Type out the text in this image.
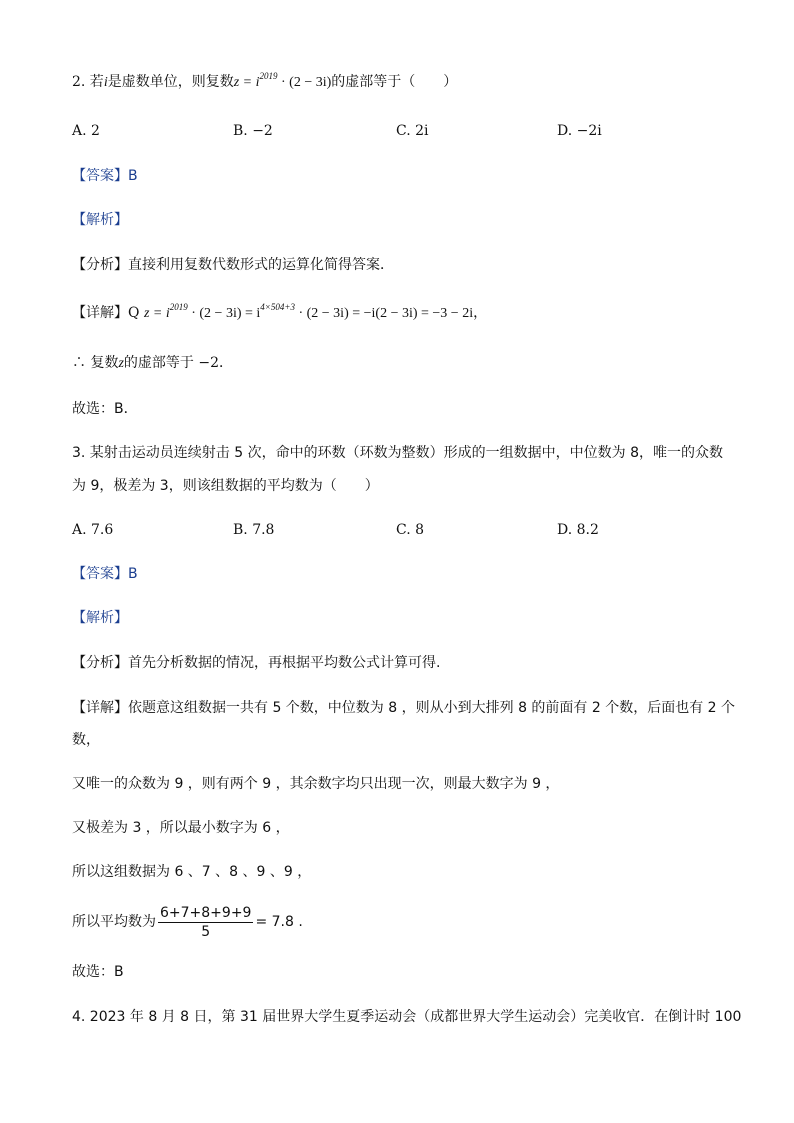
2. 若i是虚数单位，则复数$z = i^{2019} \cdot (2 - 3i)$的虚部等于（　　）
A. 2	B. −2	C. 2i	D. −2i
【答案】B
【解析】
【分析】直接利用复数代数形式的运算化简得答案．
【详解】Q $z = i^{2019} \cdot (2 - 3i) = i^{4\times 504+3} \cdot (2 - 3i) = -i(2 - 3i) = -3 - 2i$，
∴ 复数z的虚部等于 −2．
故选：B．
3. 某射击运动员连续射击 5 次，命中的环数（环数为整数）形成的一组数据中，中位数为 8，唯一的众数
为 9，极差为 3，则该组数据的平均数为（　　）
A. 7.6	B. 7.8	C. 8	D. 8.2
【答案】B
【解析】
【分析】首先分析数据的情况，再根据平均数公式计算可得.
【详解】依题意这组数据一共有 5 个数，中位数为 8 ，则从小到大排列 8 的前面有 2 个数，后面也有 2 个
数，
又唯一的众数为 9 ，则有两个 9 ，其余数字均只出现一次，则最大数字为 9 ，
又极差为 3 ，所以最小数字为 6 ，
所以这组数据为 6 、7 、8 、9 、9 ，
所以平均数为 $\frac{6+7+8+9+9}{5} = 7.8$ .
故选：B
4. 2023 年 8 月 8 日，第 31 届世界大学生夏季运动会（成都世界大学生运动会）完美收官．在倒计时 100
